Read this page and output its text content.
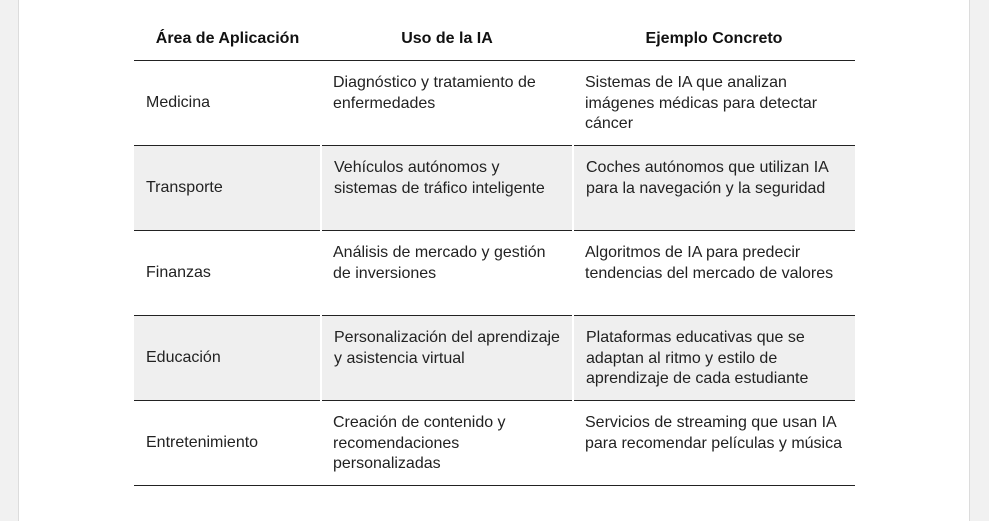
Área de Aplicación	Uso de la IA	Ejemplo Concreto
Medicina	Diagnóstico y tratamiento de enfermedades	Sistemas de IA que analizan imágenes médicas para detectar cáncer
Transporte	Vehículos autónomos y sistemas de tráfico inteligente	Coches autónomos que utilizan IA para la navegación y la seguridad
Finanzas	Análisis de mercado y gestión de inversiones	Algoritmos de IA para predecir tendencias del mercado de valores
Educación	Personalización del aprendizaje y asistencia virtual	Plataformas educativas que se adaptan al ritmo y estilo de aprendizaje de cada estudiante
Entretenimiento	Creación de contenido y recomendaciones personalizadas	Servicios de streaming que usan IA para recomendar películas y música
